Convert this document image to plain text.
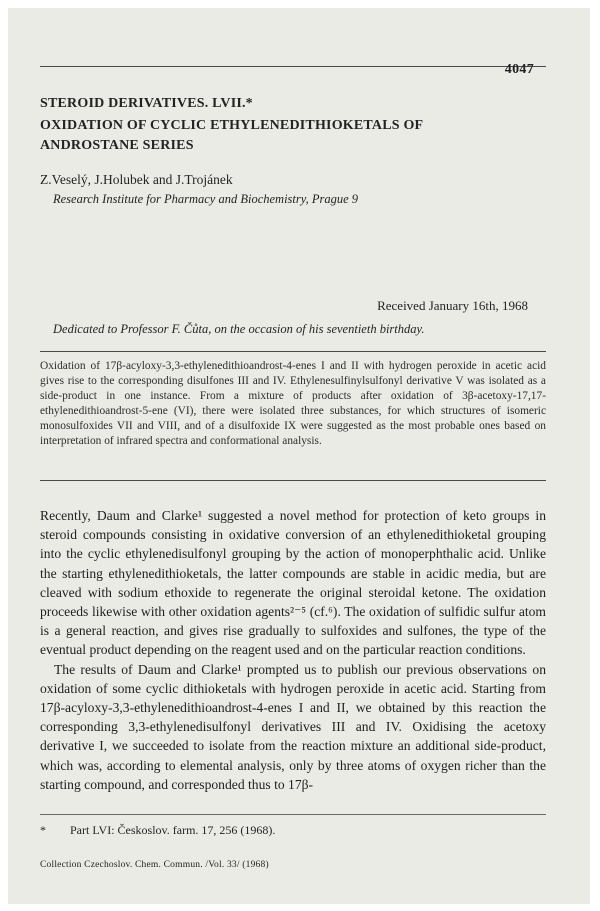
4047
STEROID DERIVATIVES. LVII.*
OXIDATION OF CYCLIC ETHYLENEDITHIOKETALS OF ANDROSTANE SERIES
Z.Veselý, J.Holubek and J.Trojánek
Research Institute for Pharmacy and Biochemistry, Prague 9
Received January 16th, 1968
Dedicated to Professor F. Čůta, on the occasion of his seventieth birthday.
Oxidation of 17β-acyloxy-3,3-ethylenedithioandrost-4-enes I and II with hydrogen peroxide in acetic acid gives rise to the corresponding disulfones III and IV. Ethylenesulfinylsulfonyl derivative V was isolated as a side-product in one instance. From a mixture of products after oxidation of 3β-acetoxy-17,17-ethylenedithioandrost-5-ene (VI), there were isolated three substances, for which structures of isomeric monosulfoxides VII and VIII, and of a disulfoxide IX were suggested as the most probable ones based on interpretation of infrared spectra and conformational analysis.

Recently, Daum and Clarke¹ suggested a novel method for protection of keto groups in steroid compounds consisting in oxidative conversion of an ethylenedithioketal grouping into the cyclic ethylenedisulfonyl grouping by the action of monoperphthalic acid. Unlike the starting ethylenedithioketals, the latter compounds are stable in acidic media, but are cleaved with sodium ethoxide to regenerate the original steroidal ketone. The oxidation proceeds likewise with other oxidation agents²⁻⁵ (cf.⁶). The oxidation of sulfidic sulfur atom is a general reaction, and gives rise gradually to sulfoxides and sulfones, the type of the eventual product depending on the reagent used and on the particular reaction conditions.

The results of Daum and Clarke¹ prompted us to publish our previous observations on oxidation of some cyclic dithioketals with hydrogen peroxide in acetic acid. Starting from 17β-acyloxy-3,3-ethylenedithioandrost-4-enes I and II, we obtained by this reaction the corresponding 3,3-ethylenedisulfonyl derivatives III and IV. Oxidising the acetoxy derivative I, we succeeded to isolate from the reaction mixture an additional side-product, which was, according to elemental analysis, only by three atoms of oxygen richer than the starting compound, and corresponded thus to 17β-

* Part LVI: Českoslov. farm. 17, 256 (1968).
Collection Czechoslov. Chem. Commun. /Vol. 33/ (1968)
